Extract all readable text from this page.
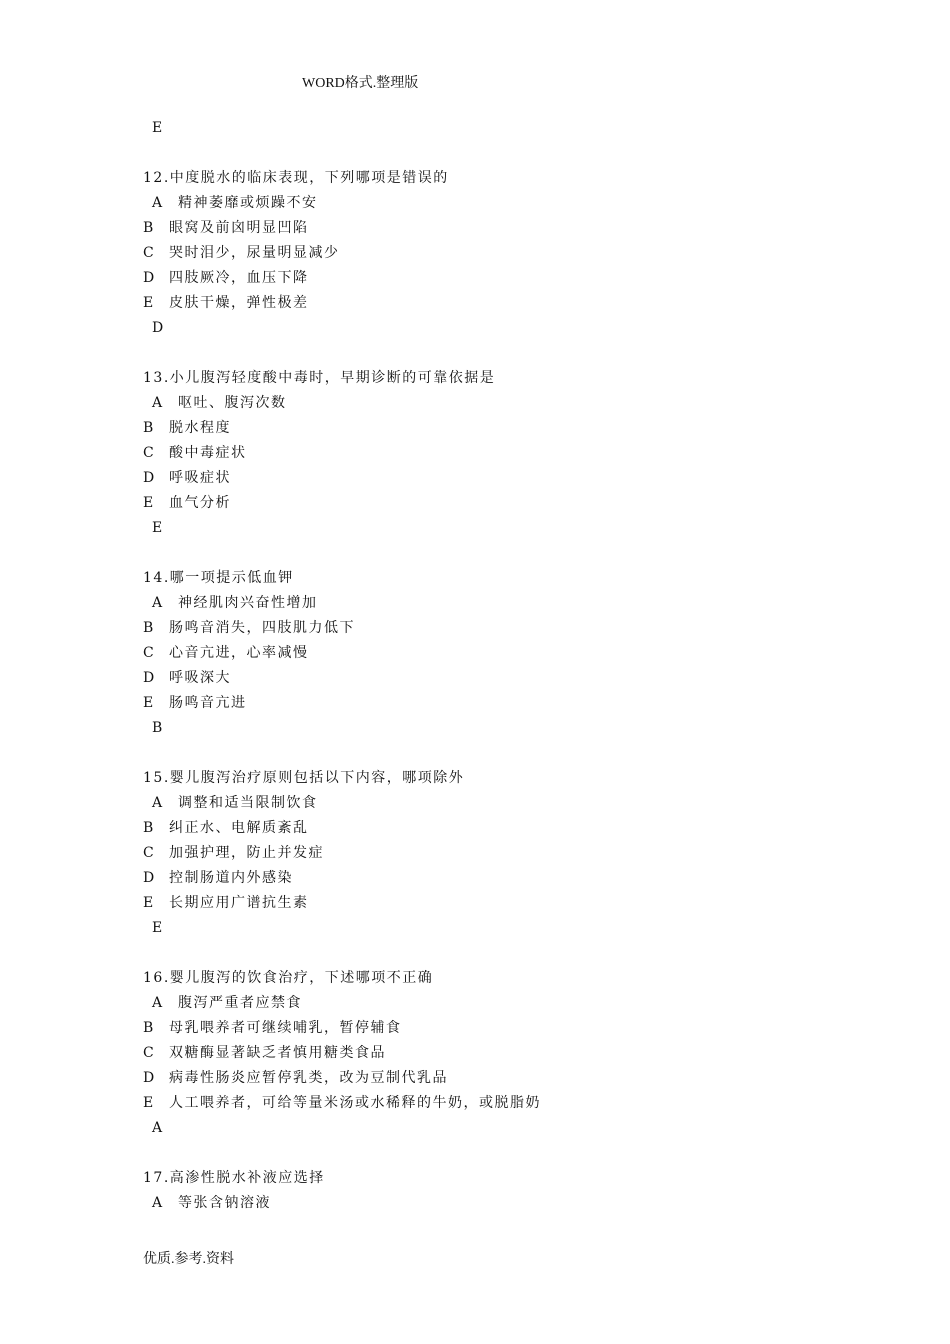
WORD格式.整理版
E
12.中度脱水的临床表现，下列哪项是错误的
A 精神萎靡或烦躁不安
B 眼窝及前囟明显凹陷
C 哭时泪少，尿量明显减少
D 四肢厥冷，血压下降
E 皮肤干燥，弹性极差
D
13.小儿腹泻轻度酸中毒时，早期诊断的可靠依据是
A 呕吐、腹泻次数
B 脱水程度
C 酸中毒症状
D 呼吸症状
E 血气分析
E
14.哪一项提示低血钾
A 神经肌肉兴奋性增加
B 肠鸣音消失，四肢肌力低下
C 心音亢进，心率减慢
D 呼吸深大
E 肠鸣音亢进
B
15.婴儿腹泻治疗原则包括以下内容，哪项除外
A 调整和适当限制饮食
B 纠正水、电解质紊乱
C 加强护理，防止并发症
D 控制肠道内外感染
E 长期应用广谱抗生素
E
16.婴儿腹泻的饮食治疗，下述哪项不正确
A 腹泻严重者应禁食
B 母乳喂养者可继续哺乳，暂停辅食
C 双糖酶显著缺乏者慎用糖类食品
D 病毒性肠炎应暂停乳类，改为豆制代乳品
E 人工喂养者，可给等量米汤或水稀释的牛奶，或脱脂奶
A
17.高渗性脱水补液应选择
A 等张含钠溶液
优质.参考.资料
